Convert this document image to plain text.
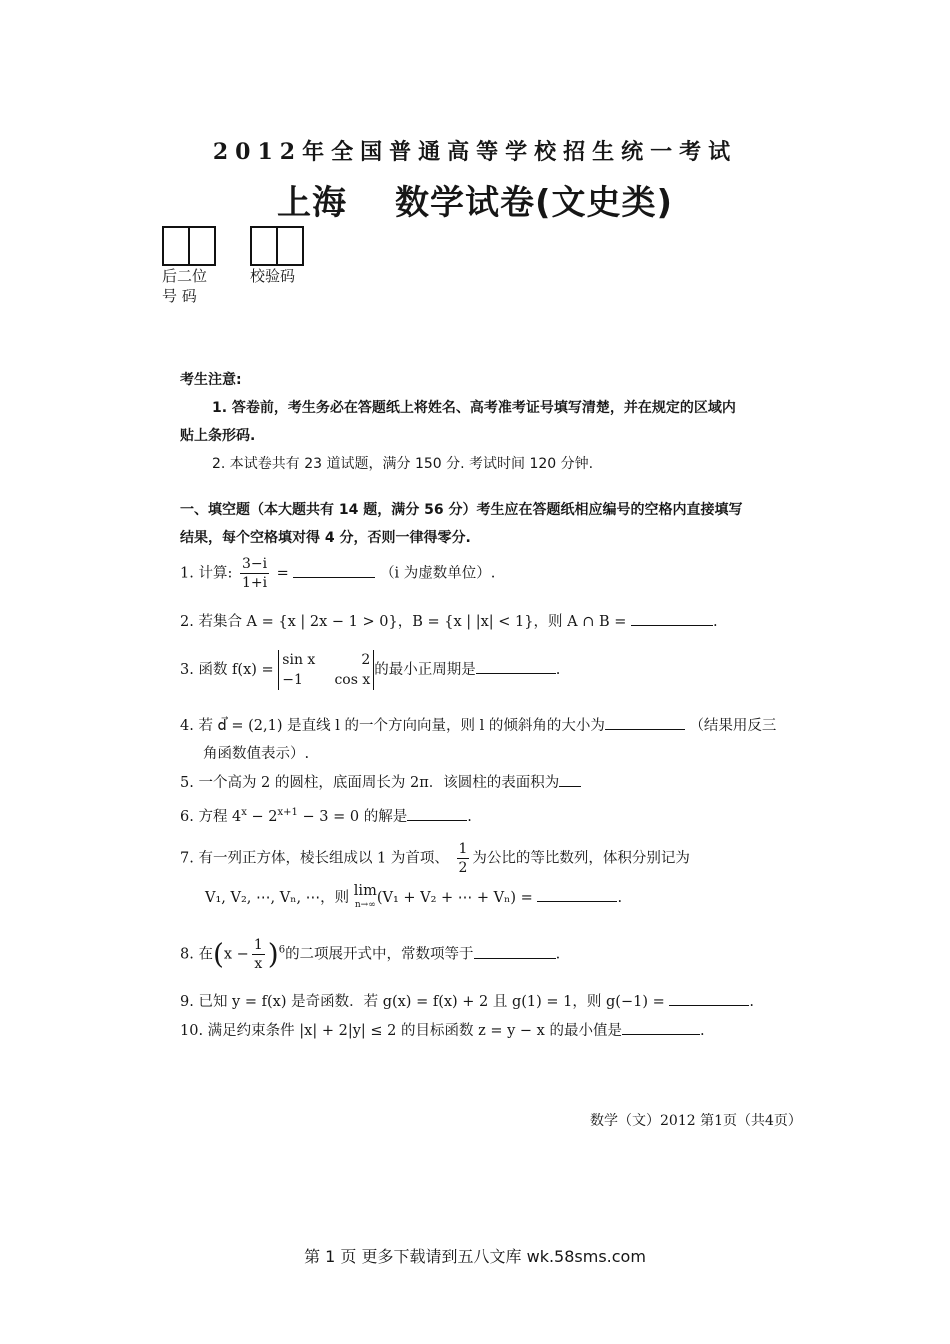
2012年全国普通高等学校招生统一考试
上海 数学试卷(文史类)
后二位
号 码
校验码
考生注意:
1. 答卷前，考生务必在答题纸上将姓名、高考准考证号填写清楚，并在规定的区域内
贴上条形码.
2. 本试卷共有 23 道试题，满分 150 分. 考试时间 120 分钟.
一、填空题（本大题共有 14 题，满分 56 分）考生应在答题纸相应编号的空格内直接填写
结果，每个空格填对得 4 分，否则一律得零分.
1. 计算: $\frac{3-i}{1+i}$ =	（i 为虚数单位）.
2. 若集合 A = {x | 2x − 1 > 0}，B = {x | |x| < 1}，则 A ∩ B =	.
3. 函数 f(x) =
sin x	2
−1 cos x
的最小正周期是	.
4. 若 d⃗ = (2,1) 是直线 l 的一个方向向量，则 l 的倾斜角的大小为	（结果用反三
角函数值表示）.
5. 一个高为 2 的圆柱，底面周长为 2π．该圆柱的表面积为
6. 方程 $4^x - 2^{x+1} - 3 = 0$ 的解是	.
7. 有一列正方体，棱长组成以 1 为首项、 $\frac{1}{2}$ 为公比的等比数列，体积分别记为
V₁, V₂, ⋯, Vₙ, ⋯，则 lim
n→∞ (V₁ + V₂ + ⋯ + Vₙ) =	.
8. 在$(x - \frac{1}{x} )^6$的二项展开式中，常数项等于	.
9. 已知 y = f(x) 是奇函数．若 g(x) = f(x) + 2 且 g(1) = 1，则 g(−1) =	.
10. 满足约束条件 |x| + 2|y| ≤ 2 的目标函数 z = y − x 的最小值是	.
数学（文）2012 第1页（共4页）
第 1 页 更多下载请到五八文库 wk.58sms.com
